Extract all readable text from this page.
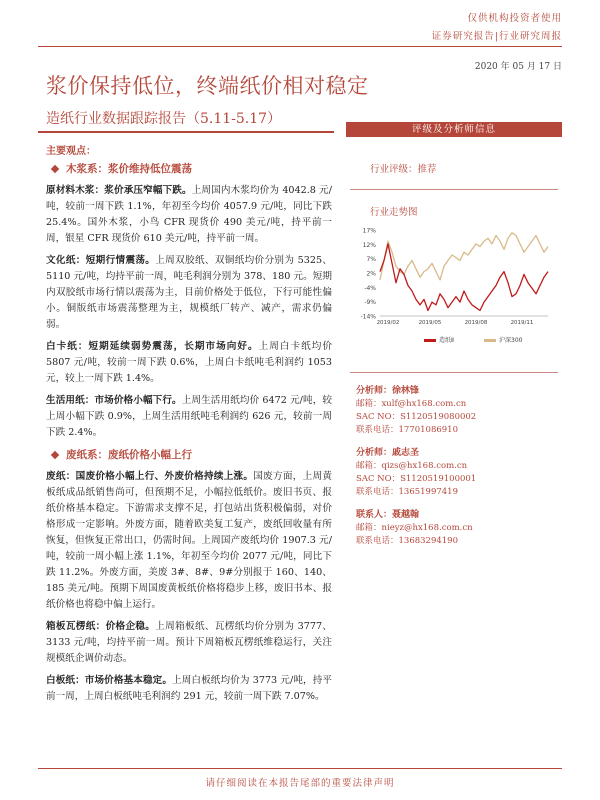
仅供机构投资者使用
证券研究报告|行业研究周报
2020 年 05 月 17 日
浆价保持低位，终端纸价相对稳定
造纸行业数据跟踪报告（5.11-5.17）

主要观点：

木浆系：浆价维持低位震荡

原材料木浆：浆价承压窄幅下跌。上周国内木浆均价为 4042.8 元/吨，较前一周下跌 1.1%，年初至今均价 4057.9 元/吨，同比下跌 25.4%。国外木浆，小鸟 CFR 现货价 490 美元/吨，持平前一周，银星 CFR 现货价 610 美元/吨，持平前一周。

文化纸：短期行情震荡。上周双胶纸、双铜纸均价分别为 5325、5110 元/吨，均持平前一周，吨毛利润分别为 378、180 元。短期内双胶纸市场行情以震荡为主，目前价格处于低位，下行可能性偏小。铜版纸市场震荡整理为主，规模纸厂转产、减产，需求仍偏弱。

白卡纸：短期延续弱势震荡，长期市场向好。上周白卡纸均价 5807 元/吨，较前一周下跌 0.6%，上周白卡纸吨毛利润约 1053 元，较上一周下跌 1.4%。

生活用纸：市场价格小幅下行。上周生活用纸均价 6472 元/吨，较上周小幅下跌 0.9%，上周生活用纸吨毛利润约 626 元，较前一周下跌 2.4%。

废纸系：废纸价格小幅上行

废纸：国废价格小幅上行、外废价格持续上涨。国废方面，上周黄板纸成品纸销售尚可，但预期不足，小幅拉低纸价。废旧书页、报纸价格基本稳定。下游需求支撑不足，打包站出货积极偏弱，对价格形成一定影响。外废方面，随着欧美复工复产，废纸回收量有所恢复，但恢复正常出口，仍需时间。上周国产废纸均价 1907.3 元/吨，较前一周小幅上涨 1.1%，年初至今均价 2077 元/吨，同比下跌 11.2%。外废方面，美废 3#、8#、9#分别报于 160、140、185 美元/吨。预期下周国废黄板纸价格将稳步上移，废旧书本、报纸价格也将稳中偏上运行。

箱板瓦楞纸：价格企稳。上周箱板纸、瓦楞纸均价分别为 3777、3133 元/吨，均持平前一周。预计下周箱板瓦楞纸维稳运行，关注规模纸企调价动态。

白板纸：市场价格基本稳定。上周白板纸均价为 3773 元/吨，持平前一周，上周白板纸吨毛利润约 291 元，较前一周下跌 7.07%。

评级及分析师信息
行业评级：推荐
行业走势图
17%
12%
7%
2%
-4%
-9%
-14%
2019/02	2019/05	2019/08	2019/11
造纸Ⅱ	沪深300
分析师：徐林锋
邮箱：xulf@hx168.com.cn
SAC NO：S1120519080002
联系电话：17701086910
分析师：戚志圣
邮箱：qizs@hx168.com.cn
SAC NO：S1120519100001
联系电话：13651997419
联系人：聂越翰
邮箱：nieyz@hx168.com.cn
联系电话：13683294190
请仔细阅读在本报告尾部的重要法律声明
